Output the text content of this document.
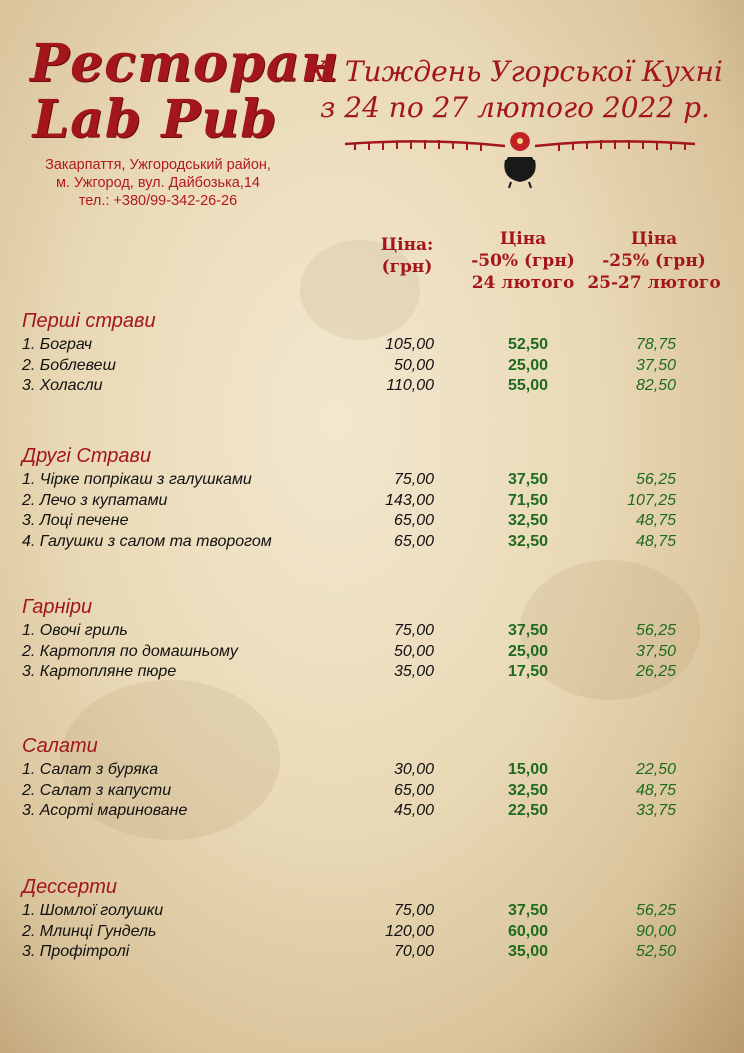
Ресторан
Lab Pub
Закарпаття, Ужгородський район,
м. Ужгород, вул. Дайбозька,14
тел.: +380/99-342-26-26
X. Тиждень Угорської Кухні
з 24 по 27 лютого 2022 р.
Ціна:
(грн)
Ціна
-50% (грн)
24 лютого
Ціна
-25% (грн)
25-27 лютого
Перші страви
1. Бограч	105,00	52,50	78,75
2. Боблевеш	50,00	25,00	37,50
3. Холасли	110,00	55,00	82,50
Другі Страви
1. Чірке попрікаш з галушками	75,00	37,50	56,25
2. Лечо з купатами	143,00	71,50	107,25
3. Лоці печене	65,00	32,50	48,75
4. Галушки з салом та творогом	65,00	32,50	48,75
Гарніри
1. Овочі гриль	75,00	37,50	56,25
2. Картопля по домашньому	50,00	25,00	37,50
3. Картопляне пюре	35,00	17,50	26,25
Салати
1. Салат з буряка	30,00	15,00	22,50
2. Салат з капусти	65,00	32,50	48,75
3. Асорті мариноване	45,00	22,50	33,75
Дессерти
1. Шомлої голушки	75,00	37,50	56,25
2. Млинці Гундель	120,00	60,00	90,00
3. Профітролі	70,00	35,00	52,50
